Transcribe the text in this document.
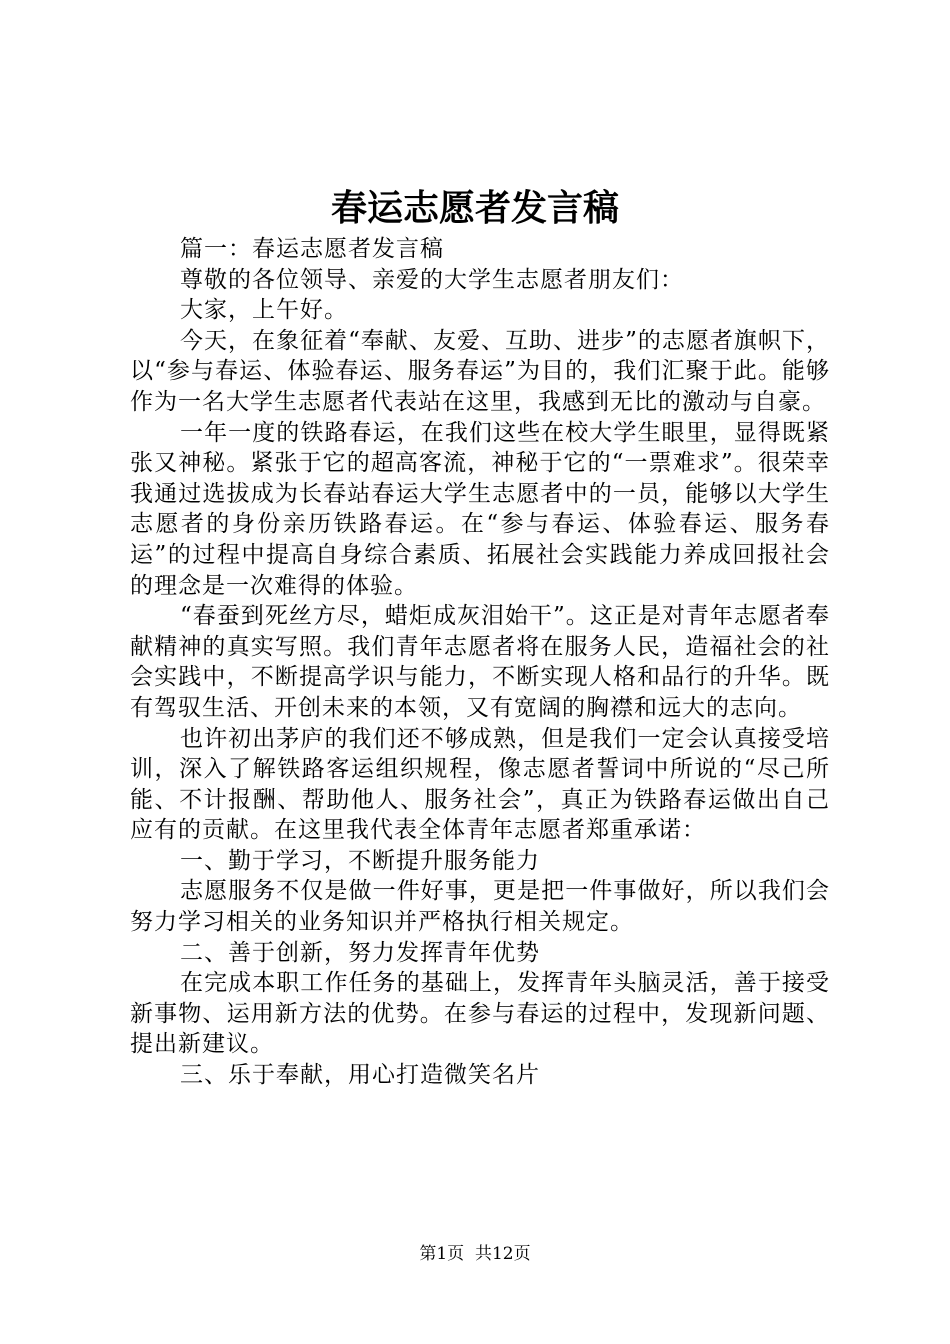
春运志愿者发言稿

篇一：春运志愿者发言稿

尊敬的各位领导、亲爱的大学生志愿者朋友们：

大家，上午好。

今天，在象征着“奉献、友爱、互助、进步”的志愿者旗帜下，以“参与春运、体验春运、服务春运”为目的，我们汇聚于此。能够作为一名大学生志愿者代表站在这里，我感到无比的激动与自豪。

一年一度的铁路春运，在我们这些在校大学生眼里，显得既紧张又神秘。紧张于它的超高客流，神秘于它的“一票难求”。很荣幸我通过选拔成为长春站春运大学生志愿者中的一员，能够以大学生志愿者的身份亲历铁路春运。在“参与春运、体验春运、服务春运”的过程中提高自身综合素质、拓展社会实践能力养成回报社会的理念是一次难得的体验。

“春蚕到死丝方尽，蜡炬成灰泪始干”。这正是对青年志愿者奉献精神的真实写照。我们青年志愿者将在服务人民，造福社会的社会实践中，不断提高学识与能力，不断实现人格和品行的升华。既有驾驭生活、开创未来的本领，又有宽阔的胸襟和远大的志向。

也许初出茅庐的我们还不够成熟，但是我们一定会认真接受培训，深入了解铁路客运组织规程，像志愿者誓词中所说的“尽己所能、不计报酬、帮助他人、服务社会”，真正为铁路春运做出自己应有的贡献。在这里我代表全体青年志愿者郑重承诺：

一、勤于学习，不断提升服务能力

志愿服务不仅是做一件好事，更是把一件事做好，所以我们会努力学习相关的业务知识并严格执行相关规定。

二、善于创新，努力发挥青年优势

在完成本职工作任务的基础上，发挥青年头脑灵活，善于接受新事物、运用新方法的优势。在参与春运的过程中，发现新问题、提出新建议。

三、乐于奉献，用心打造微笑名片

第1页  共12页
